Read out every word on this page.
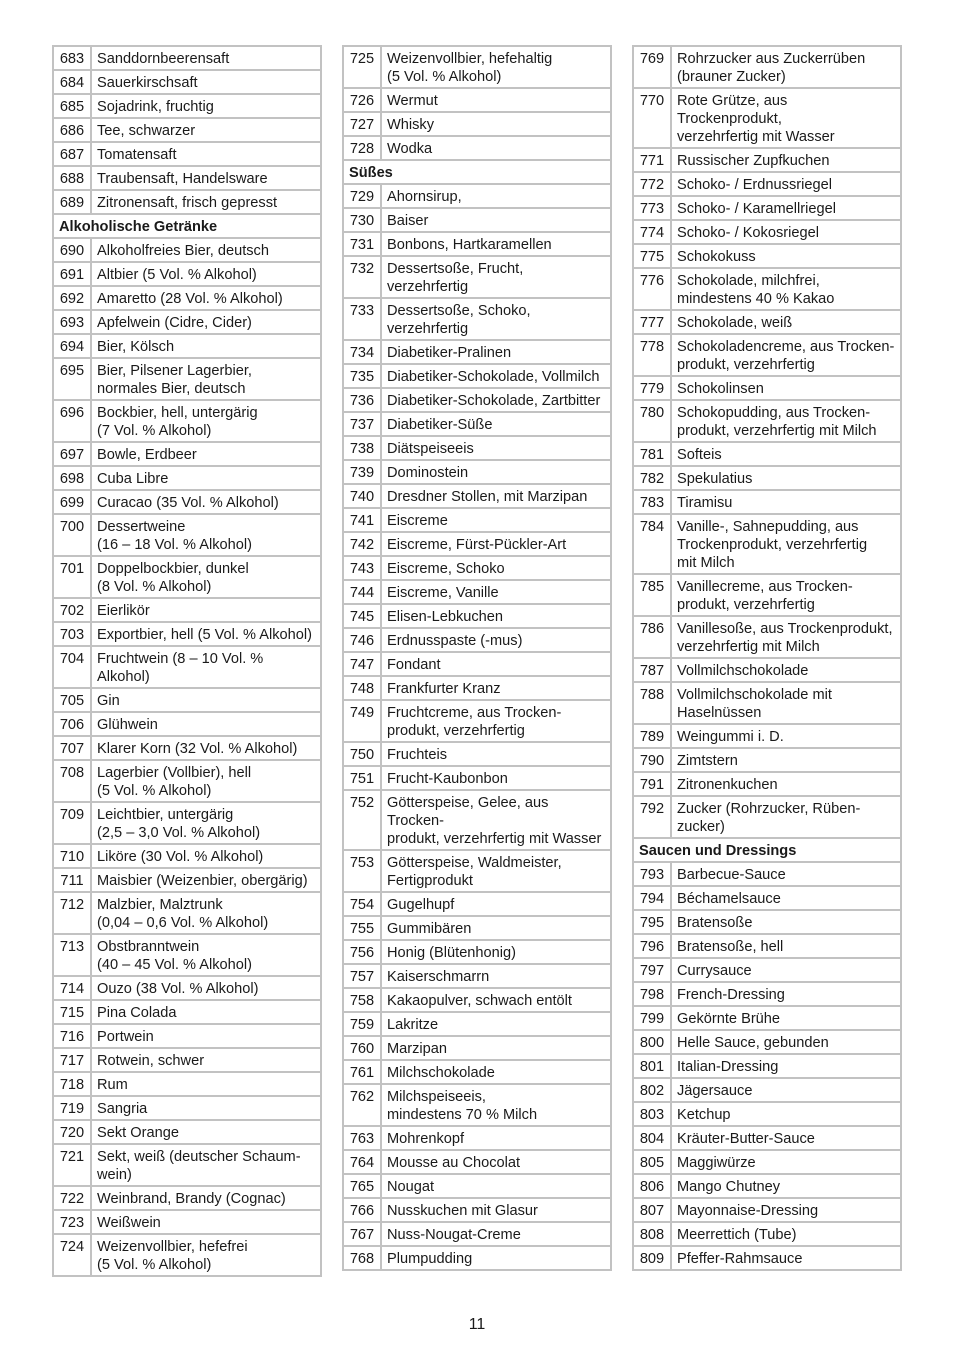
683	Sanddornbeerensaft
684	Sauerkirschsaft
685	Sojadrink, fruchtig
686	Tee, schwarzer
687	Tomatensaft
688	Traubensaft, Handelsware
689	Zitronensaft, frisch gepresst
Alkoholische Getränke	
690	Alkoholfreies Bier, deutsch
691	Altbier (5 Vol. % Alkohol)
692	Amaretto (28 Vol. % Alkohol)
693	Apfelwein (Cidre, Cider)
694	Bier, Kölsch
695	Bier, Pilsener Lagerbier,
normales Bier, deutsch
696	Bockbier, hell, untergärig
(7 Vol. % Alkohol)
697	Bowle, Erdbeer
698	Cuba Libre
699	Curacao (35 Vol. % Alkohol)
700	Dessertweine
(16 – 18 Vol. % Alkohol)
701	Doppelbockbier, dunkel
(8 Vol. % Alkohol)
702	Eierlikör
703	Exportbier, hell (5 Vol. % Alkohol)
704	Fruchtwein (8 – 10 Vol. % Alkohol)
705	Gin
706	Glühwein
707	Klarer Korn (32 Vol. % Alkohol)
708	Lagerbier (Vollbier), hell
(5 Vol. % Alkohol)
709	Leichtbier, untergärig
(2,5 – 3,0 Vol. % Alkohol)
710	Liköre (30 Vol. % Alkohol)
711	Maisbier (Weizenbier, obergärig)
712	Malzbier, Malztrunk
(0,04 – 0,6 Vol. % Alkohol)
713	Obstbranntwein
(40 – 45 Vol. % Alkohol)
714	Ouzo (38 Vol. % Alkohol)
715	Pina Colada
716	Portwein
717	Rotwein, schwer
718	Rum
719	Sangria
720	Sekt Orange
721	Sekt, weiß (deutscher Schaum-
wein)
722	Weinbrand, Brandy (Cognac)
723	Weißwein
724	Weizenvollbier, hefefrei
(5 Vol. % Alkohol)
725	Weizenvollbier, hefehaltig
(5 Vol. % Alkohol)
726	Wermut
727	Whisky
728	Wodka
Süßes	
729	Ahornsirup,
730	Baiser
731	Bonbons, Hartkaramellen
732	Dessertsoße, Frucht,
verzehrfertig
733	Dessertsoße, Schoko,
verzehrfertig
734	Diabetiker-Pralinen
735	Diabetiker-Schokolade, Vollmilch
736	Diabetiker-Schokolade, Zartbitter
737	Diabetiker-Süße
738	Diätspeiseeis
739	Dominostein
740	Dresdner Stollen, mit Marzipan
741	Eiscreme
742	Eiscreme, Fürst-Pückler-Art
743	Eiscreme, Schoko
744	Eiscreme, Vanille
745	Elisen-Lebkuchen
746	Erdnusspaste (-mus)
747	Fondant
748	Frankfurter Kranz
749	Fruchtcreme, aus Trocken-
produkt, verzehrfertig
750	Fruchteis
751	Frucht-Kaubonbon
752	Götterspeise, Gelee, aus Trocken-
produkt, verzehrfertig mit Wasser
753	Götterspeise, Waldmeister,
Fertigprodukt
754	Gugelhupf
755	Gummibären
756	Honig (Blütenhonig)
757	Kaiserschmarrn
758	Kakaopulver, schwach entölt
759	Lakritze
760	Marzipan
761	Milchschokolade
762	Milchspeiseeis,
mindestens 70 % Milch
763	Mohrenkopf
764	Mousse au Chocolat
765	Nougat
766	Nusskuchen mit Glasur
767	Nuss-Nougat-Creme
768	Plumpudding
769	Rohrzucker aus Zuckerrüben
(brauner Zucker)
770	Rote Grütze, aus Trockenprodukt,
verzehrfertig mit Wasser
771	Russischer Zupfkuchen
772	Schoko- / Erdnussriegel
773	Schoko- / Karamellriegel
774	Schoko- / Kokosriegel
775	Schokokuss
776	Schokolade, milchfrei,
mindestens 40 % Kakao
777	Schokolade, weiß
778	Schokoladencreme, aus Trocken-
produkt, verzehrfertig
779	Schokolinsen
780	Schokopudding, aus Trocken-
produkt, verzehrfertig mit Milch
781	Softeis
782	Spekulatius
783	Tiramisu
784	Vanille-, Sahnepudding, aus
Trockenprodukt, verzehrfertig
mit Milch
785	Vanillecreme, aus Trocken-
produkt, verzehrfertig
786	Vanillesoße, aus Trockenprodukt,
verzehrfertig mit Milch
787	Vollmilchschokolade
788	Vollmilchschokolade mit
Haselnüssen
789	Weingummi i. D.
790	Zimtstern
791	Zitronenkuchen
792	Zucker (Rohrzucker, Rüben-
zucker)
Saucen und Dressings	
793	Barbecue-Sauce
794	Béchamelsauce
795	Bratensoße
796	Bratensoße, hell
797	Currysauce
798	French-Dressing
799	Gekörnte Brühe
800	Helle Sauce, gebunden
801	Italian-Dressing
802	Jägersauce
803	Ketchup
804	Kräuter-Butter-Sauce
805	Maggiwürze
806	Mango Chutney
807	Mayonnaise-Dressing
808	Meerrettich (Tube)
809	Pfeffer-Rahmsauce
11
